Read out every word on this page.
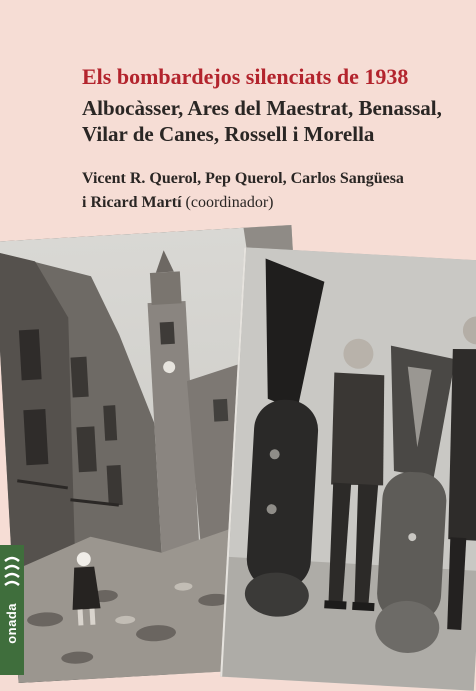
Els bombardejos silenciats de 1938
Albocàsser, Ares del Maestrat, Benassal,
Vilar de Canes, Rossell i Morella
Vicent R. Querol, Pep Querol, Carlos Sangüesa
i Ricard Martí (coordinador)
onada
